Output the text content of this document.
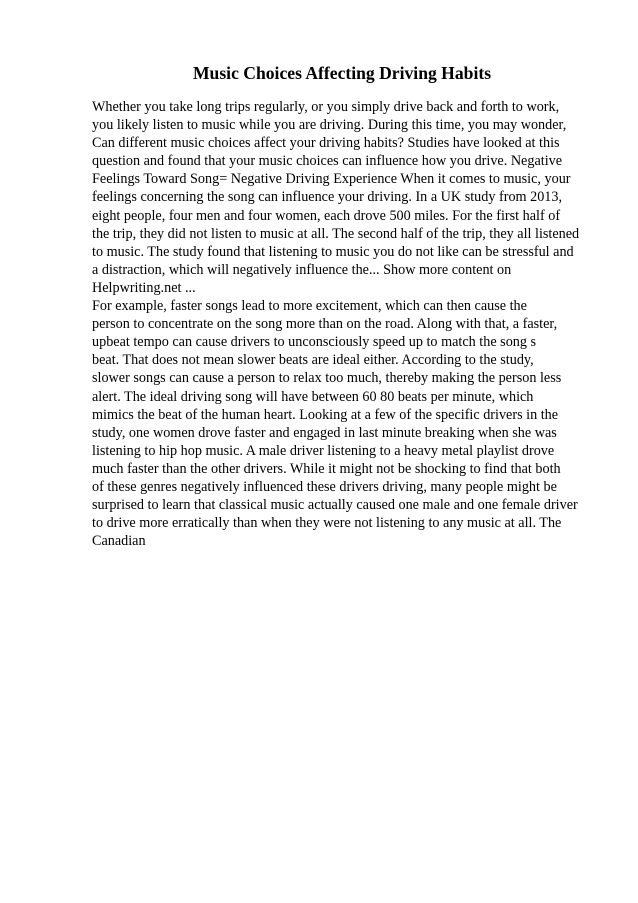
Music Choices Affecting Driving Habits
Whether you take long trips regularly, or you simply drive back and forth to work,
you likely listen to music while you are driving. During this time, you may wonder,
Can different music choices affect your driving habits? Studies have looked at this
question and found that your music choices can influence how you drive. Negative
Feelings Toward Song= Negative Driving Experience When it comes to music, your
feelings concerning the song can influence your driving. In a UK study from 2013,
eight people, four men and four women, each drove 500 miles. For the first half of
the trip, they did not listen to music at all. The second half of the trip, they all listened
to music. The study found that listening to music you do not like can be stressful and
a distraction, which will negatively influence the... Show more content on
Helpwriting.net ...
For example, faster songs lead to more excitement, which can then cause the
person to concentrate on the song more than on the road. Along with that, a faster,
upbeat tempo can cause drivers to unconsciously speed up to match the song s
beat. That does not mean slower beats are ideal either. According to the study,
slower songs can cause a person to relax too much, thereby making the person less
alert. The ideal driving song will have between 60 80 beats per minute, which
mimics the beat of the human heart. Looking at a few of the specific drivers in the
study, one women drove faster and engaged in last minute breaking when she was
listening to hip hop music. A male driver listening to a heavy metal playlist drove
much faster than the other drivers. While it might not be shocking to find that both
of these genres negatively influenced these drivers driving, many people might be
surprised to learn that classical music actually caused one male and one female driver
to drive more erratically than when they were not listening to any music at all. The
Canadian
